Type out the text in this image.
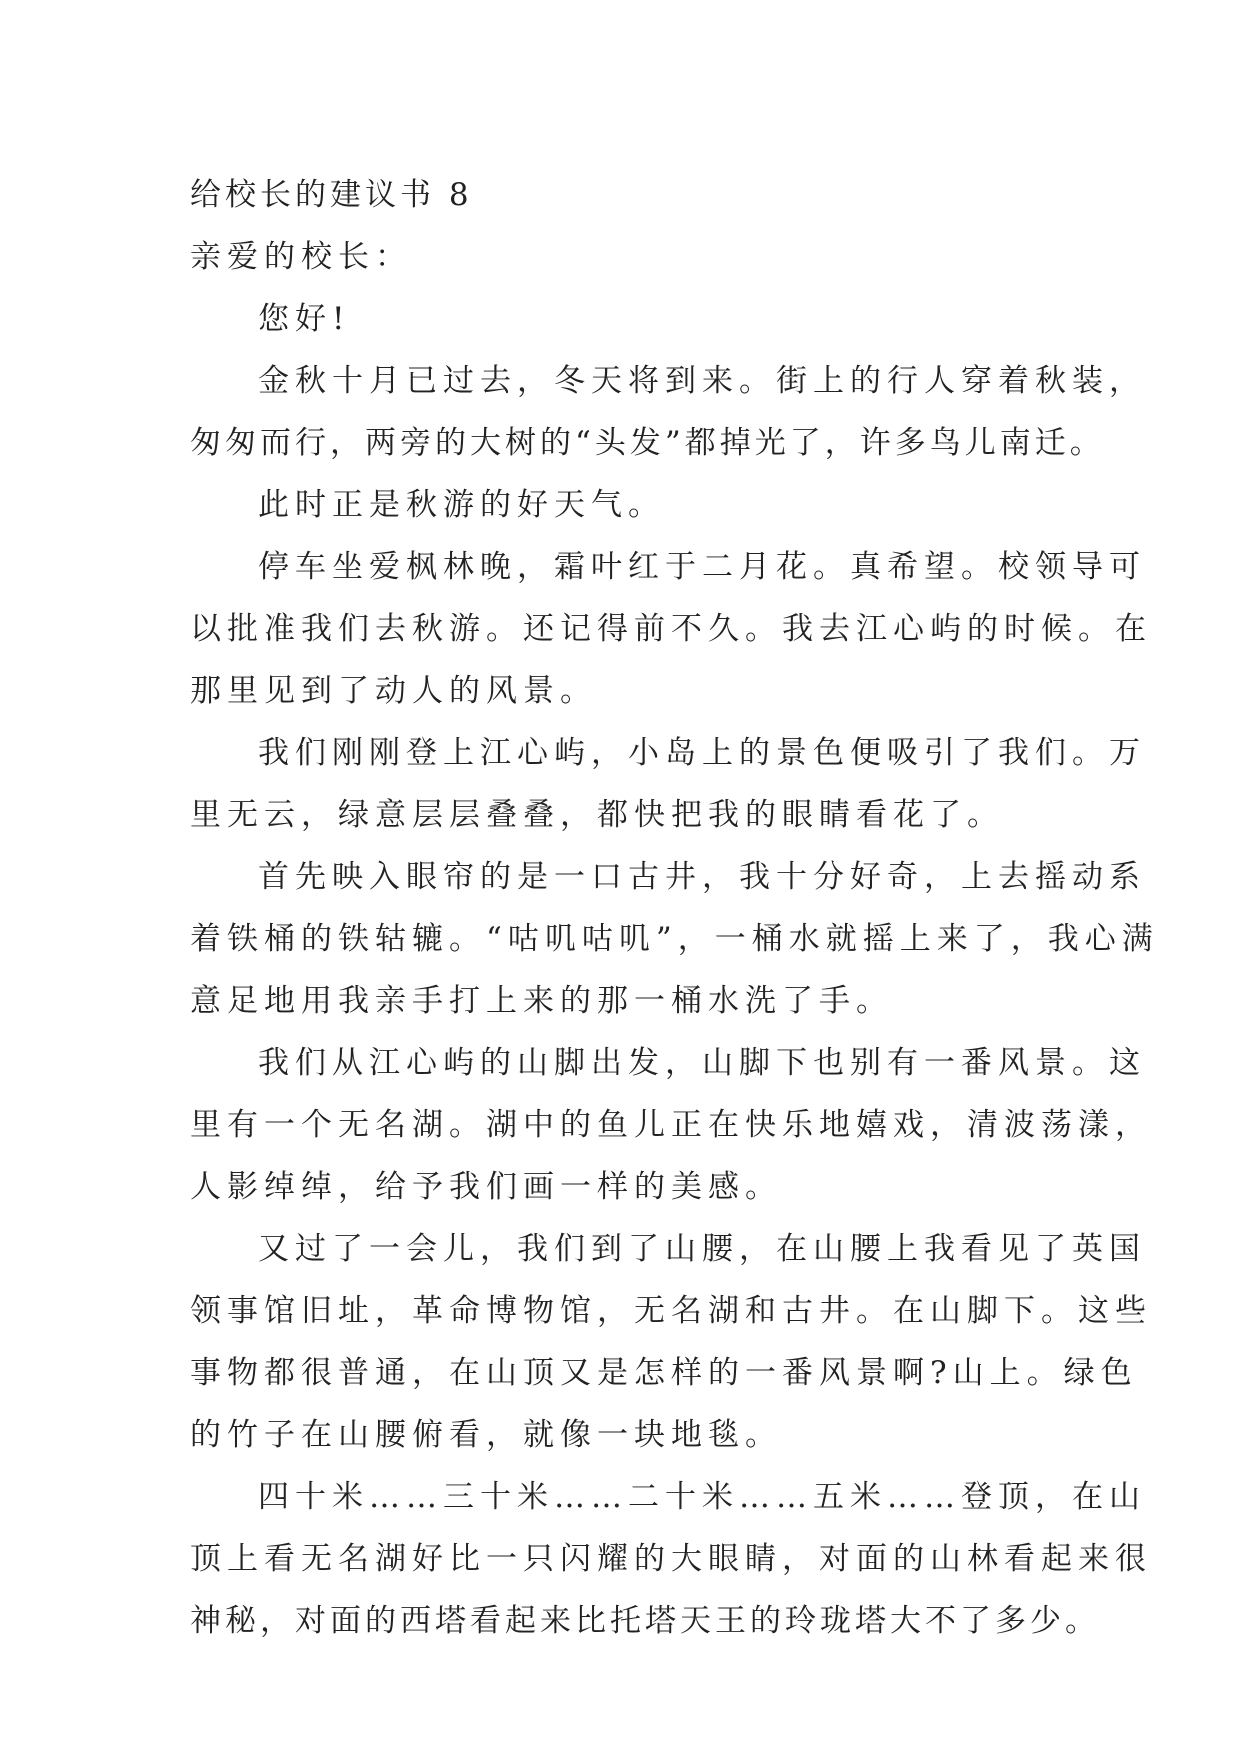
给校长的建议书 8
亲爱的校长：
您好!
金秋十月已过去，冬天将到来。街上的行人穿着秋装，
匆匆而行，两旁的大树的“头发”都掉光了，许多鸟儿南迁。
此时正是秋游的好天气。
停车坐爱枫林晚，霜叶红于二月花。真希望。校领导可
以批准我们去秋游。还记得前不久。我去江心屿的时候。在
那里见到了动人的风景。
我们刚刚登上江心屿，小岛上的景色便吸引了我们。万
里无云，绿意层层叠叠，都快把我的眼睛看花了。
首先映入眼帘的是一口古井，我十分好奇，上去摇动系
着铁桶的铁轱辘。“咕叽咕叽”，一桶水就摇上来了，我心满
意足地用我亲手打上来的那一桶水洗了手。
我们从江心屿的山脚出发，山脚下也别有一番风景。这
里有一个无名湖。湖中的鱼儿正在快乐地嬉戏，清波荡漾，
人影绰绰，给予我们画一样的美感。
又过了一会儿，我们到了山腰，在山腰上我看见了英国
领事馆旧址，革命博物馆，无名湖和古井。在山脚下。这些
事物都很普通，在山顶又是怎样的一番风景啊?山上。绿色
的竹子在山腰俯看，就像一块地毯。
四十米……三十米……二十米……五米……登顶，在山
顶上看无名湖好比一只闪耀的大眼睛，对面的山林看起来很
神秘，对面的西塔看起来比托塔天王的玲珑塔大不了多少。
